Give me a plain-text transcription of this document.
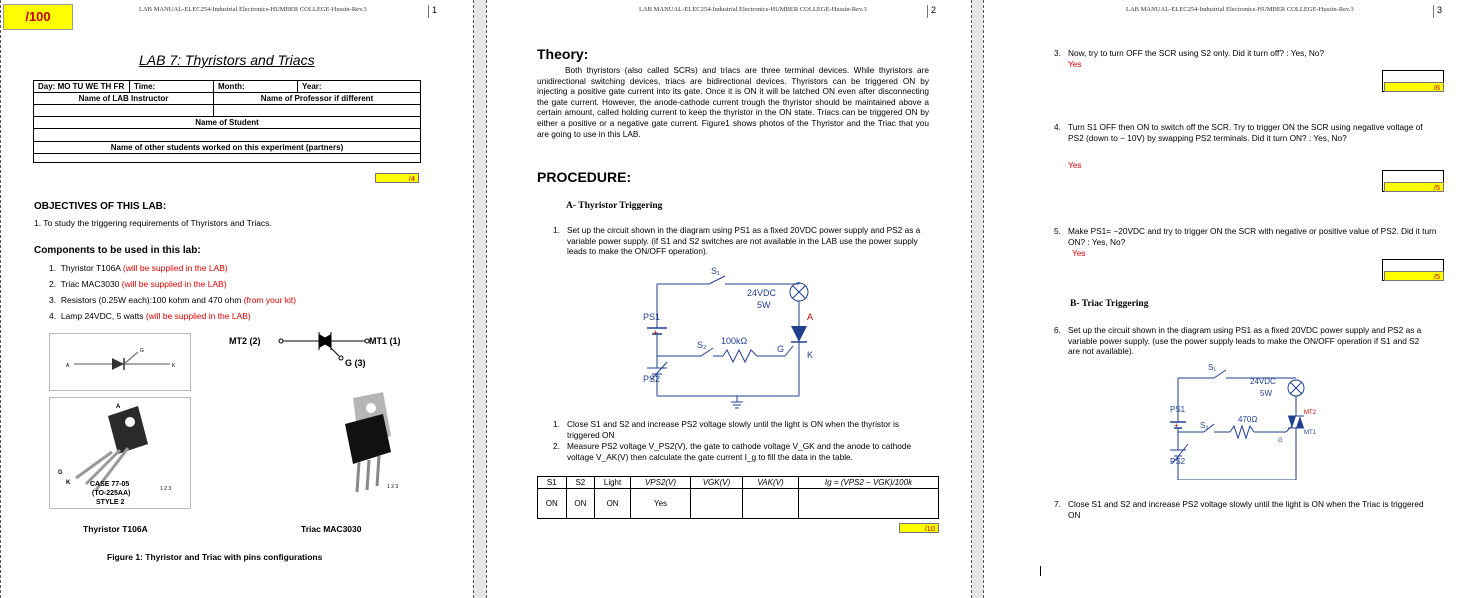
/100	LAB MANUAL-ELEC254-Industrial Electronics-HUMBER COLLEGE-Hussin-Rev.3	1
LAB 7: Thyristors and Triacs
Day: MO TU WE TH FR	Time:	Month:	Year:
Name of LAB Instructor		Name of Professor if different	

Name of Student			

Name of other students worked on this experiment (partners)			

/4
OBJECTIVES OF THIS LAB:
1. To study the triggering requirements of Thyristors and Triacs.
Components to be used in this lab:
1. Thyristor T106A (will be supplied in the LAB)
2. Triac MAC3030 (will be supplied in the LAB)
3. Resistors (0.25W each):100 kohm and 470 ohm (from your kit)
4. Lamp 24VDC, 5 watts (will be supplied in the LAB)
A	K
G
MT2 (2)	MT1 (1)
G (3)
A
G
K	CASE 77-05
(TO-225AA)
STYLE 2
1 2 3	1 2 3
Thyristor T106A	Triac MAC3030
Figure 1: Thyristor and Triac with pins configurations
LAB MANUAL-ELEC254-Industrial Electronics-HUMBER COLLEGE-Hussin-Rev.3	2
Theory:
Both thyristors (also called SCRs) and triacs are three terminal devices. While thyristors are unidirectional switching devices, triacs are bidirectional devices. Thyristors can be triggered ON by injecting a positive gate current into its gate. Once it is ON it will be latched ON even after disconnecting the gate current. However, the anode-cathode current trough the thyristor should be maintained above a certain amount, called holding current to keep the thyristor in the ON state. Triacs can be triggered ON by either a positive or a negative gate current. Figure1 shows photos of the Thyristor and the Triac that you are going to use in this LAB.
PROCEDURE:
A- Thyristor Triggering
1. Set up the circuit shown in the diagram using PS1 as a fixed 20VDC power supply and PS2 as a variable power supply. (if S1 and S2 switches are not available in the LAB use the power supply leads to make the ON/OFF operation).
S₁
24VDC
5W
PS1
+
S₂ 100kΩ
G
A
K
PS2
1. Close S1 and S2 and increase PS2 voltage slowly until the light is ON when the thyristor is triggered ON
2. Measure PS2 voltage V_PS2(V), the gate to cathode voltage V_GK and the anode to cathode voltage V_AK(V) then calculate the gate current I_g to fill the data in the table.
S1	S2	Light	VPS2(V)	VGK(V)	VAK(V)	Ig = (VPS2 − VGK)/100k
ON	ON	ON	Yes			
/10
LAB MANUAL-ELEC254-Industrial Electronics-HUMBER COLLEGE-Hussin-Rev.3	3
3. Now, try to turn OFF the SCR using S2 only. Did it turn off? : Yes, No?
Yes
/6
4. Turn S1 OFF then ON to switch off the SCR. Try to trigger ON the SCR using negative voltage of PS2 (down to − 10V) by swapping PS2 terminals. Did it turn ON? : Yes, No?
Yes
/5
5. Make PS1= −20VDC and try to trigger ON the SCR with negative or positive value of PS2. Did it turn ON? : Yes, No?
Yes
/5
B- Triac Triggering
6. Set up the circuit shown in the diagram using PS1 as a fixed 20VDC power supply and PS2 as a variable power supply. (use the power supply leads to make the ON/OFF operation if S1 and S2 are not available).
S₁
24VDC
5W
PS1
+	S₂
470Ω
G
MT2
MT1
PS2
7. Close S1 and S2 and increase PS2 voltage slowly until the light is ON when the Triac is triggered ON
